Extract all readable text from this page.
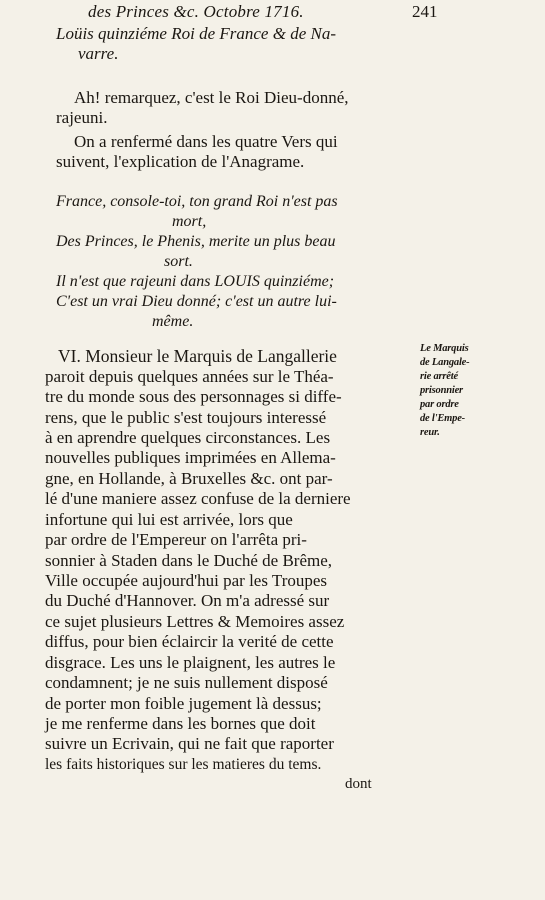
des Princes &c. Octobre 1716.	241
Loüis quinziéme Roi de France & de Na-
varre.
Ah! remarquez, c'est le Roi Dieu-donné,
rajeuni.
On a renfermé dans les quatre Vers qui
suivent, l'explication de l'Anagrame.
France, console-toi, ton grand Roi n'est pas
mort,
Des Princes, le Phenis, merite un plus beau
sort.
Il n'est que rajeuni dans LOUIS quinziéme;
C'est un vrai Dieu donné; c'est un autre lui-
même.
VI. Monsieur le Marquis de Langallerie
paroit depuis quelques années sur le Théa-
tre du monde sous des personnages si diffe-
rens, que le public s'est toujours interessé
à en aprendre quelques circonstances. Les
nouvelles publiques imprimées en Allema-
gne, en Hollande, à Bruxelles &c. ont par-
lé d'une maniere assez confuse de la derniere
infortune qui lui est arrivée, lors que
par ordre de l'Empereur on l'arrêta pri-
sonnier à Staden dans le Duché de Brême,
Ville occupée aujourd'hui par les Troupes
du Duché d'Hannover. On m'a adressé sur
ce sujet plusieurs Lettres & Memoires assez
diffus, pour bien éclaircir la verité de cette
disgrace. Les uns le plaignent, les autres le
condamnent; je ne suis nullement disposé
de porter mon foible jugement là dessus;
je me renferme dans les bornes que doit
suivre un Ecrivain, qui ne fait que raporter
les faits historiques sur les matieres du tems.
Le Marquis
de Langale-
rie arrêté
prisonnier
par ordre
de l'Empe-
reur.
dont
